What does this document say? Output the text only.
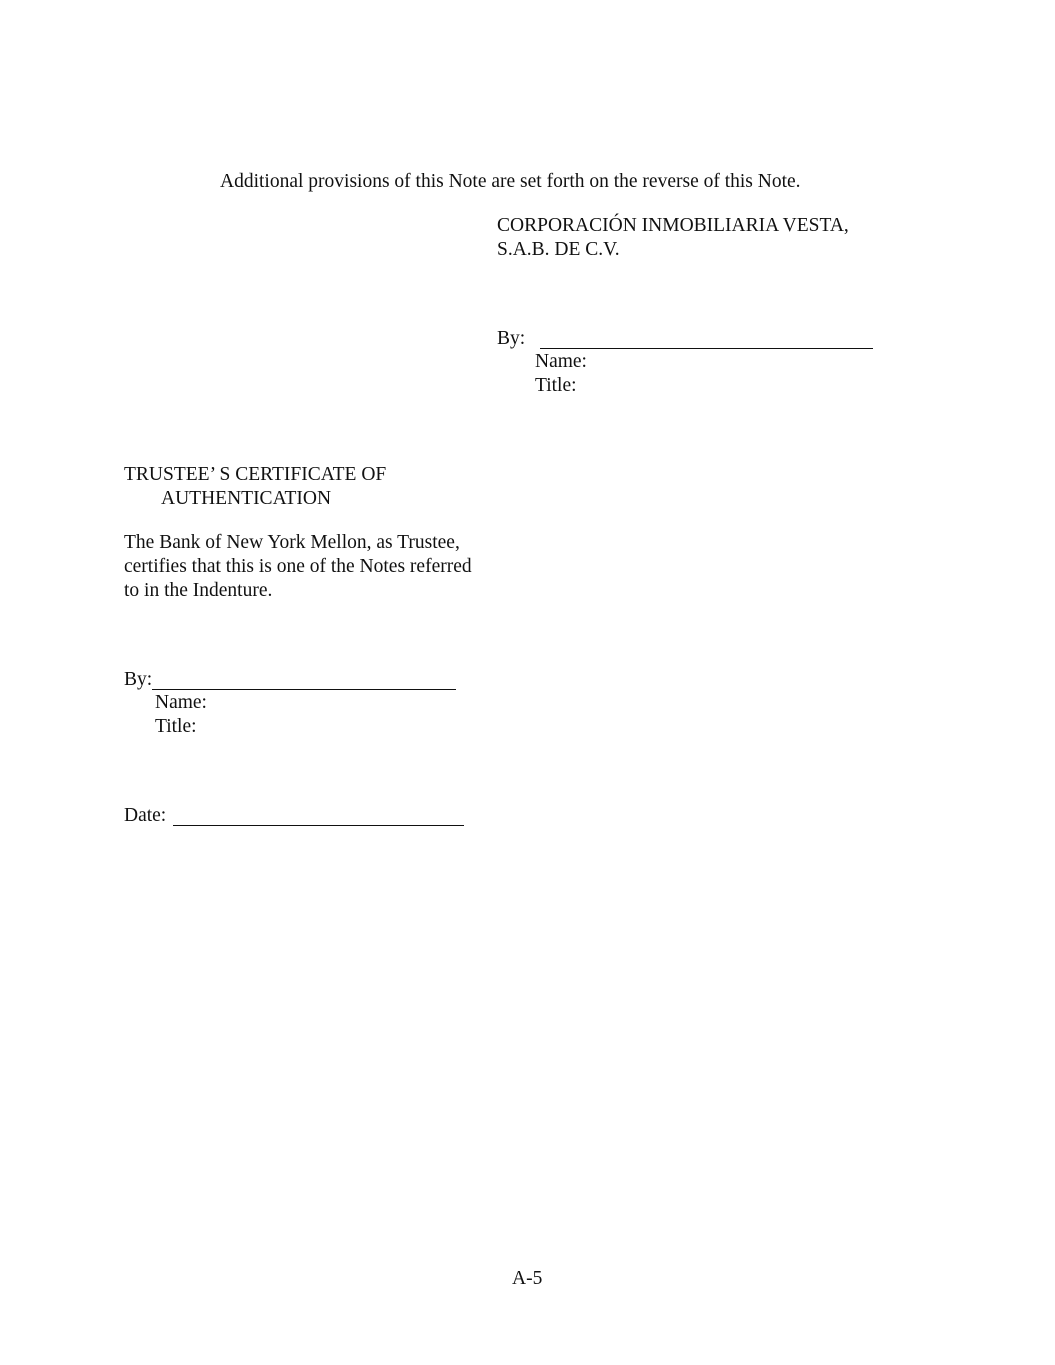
Additional provisions of this Note are set forth on the reverse of this Note.
CORPORACIÓN INMOBILIARIA VESTA,
S.A.B. DE C.V.
By:
Name:
Title:
TRUSTEE’ S CERTIFICATE OF
AUTHENTICATION
The Bank of New York Mellon, as Trustee,
certifies that this is one of the Notes referred
to in the Indenture.
By:
Name:
Title:
Date:
A-5
